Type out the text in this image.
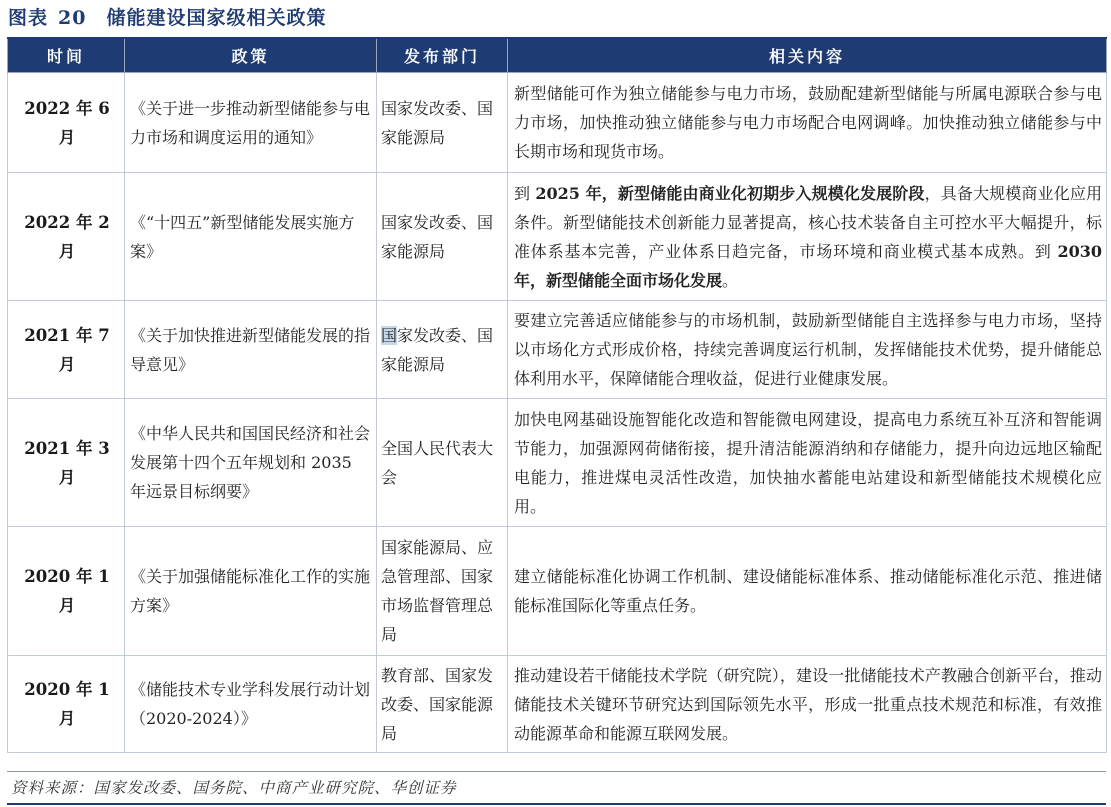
图表 20 储能建设国家级相关政策
时间	政策	发布部门	相关内容
2022 年 6 月	《关于进一步推动新型储能参与电力市场和调度运用的通知》	国家发改委、国家能源局	新型储能可作为独立储能参与电力市场，鼓励配建新型储能与所属电源联合参与电力市场，加快推动独立储能参与电力市场配合电网调峰。加快推动独立储能参与中长期市场和现货市场。
2022 年 2 月	《“十四五”新型储能发展实施方案》	国家发改委、国家能源局	到 2025 年，新型储能由商业化初期步入规模化发展阶段，具备大规模商业化应用条件。新型储能技术创新能力显著提高，核心技术装备自主可控水平大幅提升，标准体系基本完善，产业体系日趋完备，市场环境和商业模式基本成熟。到 2030 年，新型储能全面市场化发展。
2021 年 7 月	《关于加快推进新型储能发展的指导意见》	国家发改委、国家能源局	要建立完善适应储能参与的市场机制，鼓励新型储能自主选择参与电力市场，坚持以市场化方式形成价格，持续完善调度运行机制，发挥储能技术优势，提升储能总体利用水平，保障储能合理收益，促进行业健康发展。
2021 年 3 月	《中华人民共和国国民经济和社会发展第十四个五年规划和 2035 年远景目标纲要》	全国人民代表大会	加快电网基础设施智能化改造和智能微电网建设，提高电力系统互补互济和智能调节能力，加强源网荷储衔接，提升清洁能源消纳和存储能力，提升向边远地区输配电能力，推进煤电灵活性改造，加快抽水蓄能电站建设和新型储能技术规模化应用。
2020 年 1 月	《关于加强储能标准化工作的实施方案》	国家能源局、应急管理部、国家市场监督管理总局	建立储能标准化协调工作机制、建设储能标准体系、推动储能标准化示范、推进储能标准国际化等重点任务。
2020 年 1 月	《储能技术专业学科发展行动计划（2020-2024）》	教育部、国家发改委、国家能源局	推动建设若干储能技术学院（研究院），建设一批储能技术产教融合创新平台，推动储能技术关键环节研究达到国际领先水平，形成一批重点技术规范和标准，有效推动能源革命和能源互联网发展。
资料来源：国家发改委、国务院、中商产业研究院、华创证券
